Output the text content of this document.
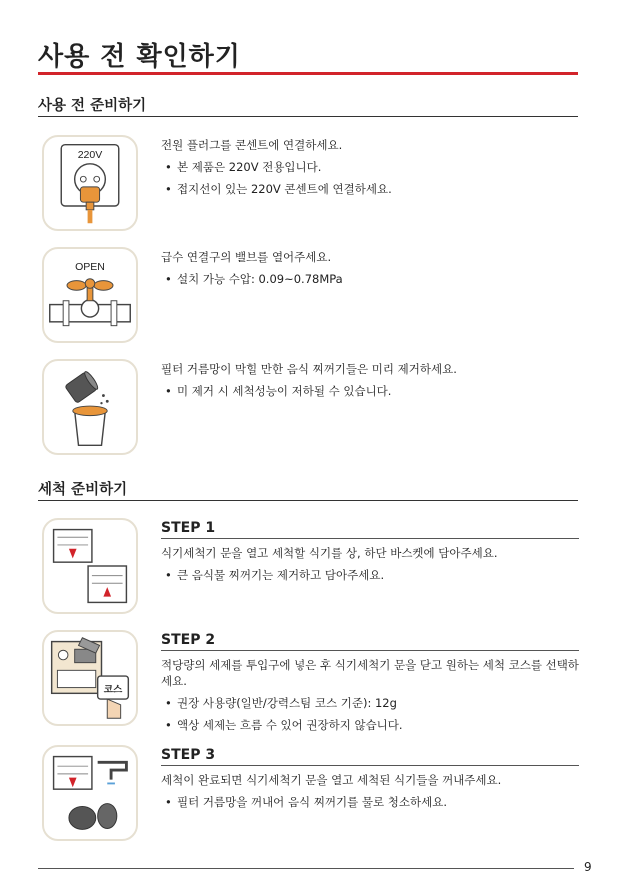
사용 전 확인하기
사용 전 준비하기
220V

전원 플러그를 콘센트에 연결하세요.

• 본 제품은 220V 전용입니다.
• 접지선이 있는 220V 콘센트에 연결하세요.
OPEN

급수 연결구의 밸브를 열어주세요.

• 설치 가능 수압: 0.09~0.78MPa

필터 거름망이 막힐 만한 음식 찌꺼기들은 미리 제거하세요.

• 미 제거 시 세척성능이 저하될 수 있습니다.
세척 준비하기
STEP 1

식기세척기 문을 열고 세척할 식기를 상, 하단 바스켓에 담아주세요.

• 큰 음식물 찌꺼기는 제거하고 담아주세요.
코스
STEP 2

적당량의 세제를 투입구에 넣은 후 식기세척기 문을 닫고 원하는 세척 코스를 선택하세요.

• 권장 사용량(일반/강력스팀 코스 기준): 12g
• 액상 세제는 흐름 수 있어 권장하지 않습니다.
STEP 3

세척이 완료되면 식기세척기 문을 열고 세척된 식기들을 꺼내주세요.

• 필터 거름망을 꺼내어 음식 찌꺼기를 물로 청소하세요.
9
